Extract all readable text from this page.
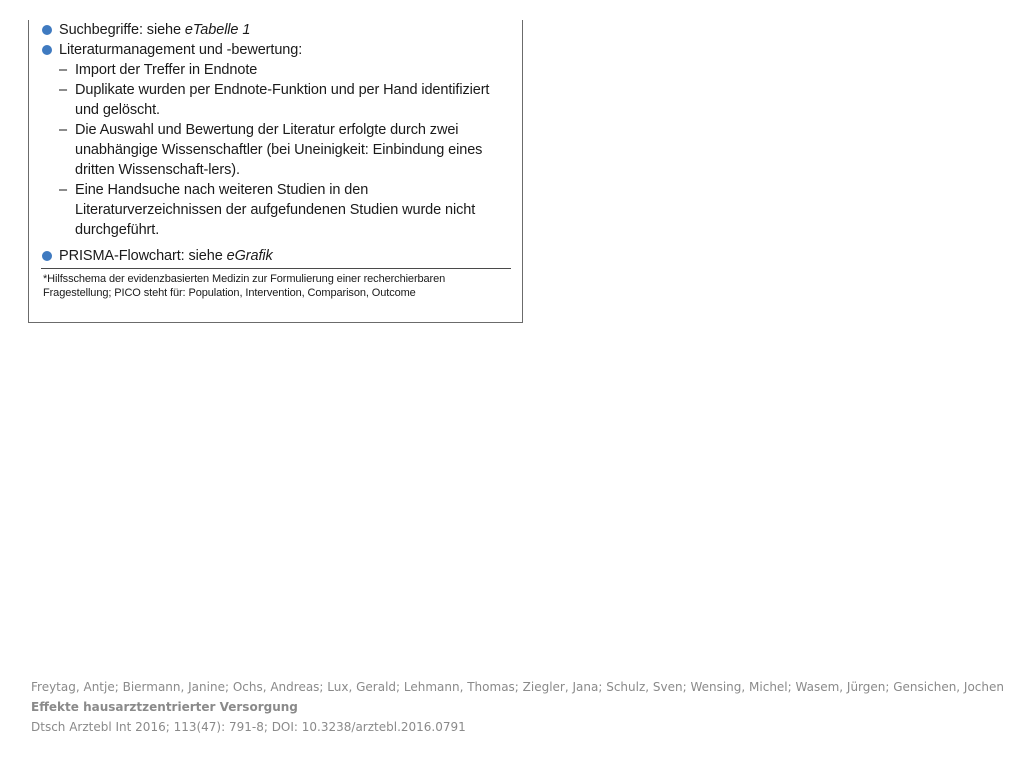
Suchbegriffe: siehe eTabelle 1
Literaturmanagement und -bewertung:
– Import der Treffer in Endnote
– Duplikate wurden per Endnote-Funktion und per Hand identifiziert und gelöscht.
– Die Auswahl und Bewertung der Literatur erfolgte durch zwei unabhängige Wissenschaftler (bei Uneinigkeit: Einbindung eines dritten Wissenschaft-lers).
– Eine Handsuche nach weiteren Studien in den Literaturverzeichnissen der aufgefundenen Studien wurde nicht durchgeführt.
PRISMA-Flowchart: siehe eGrafik
*Hilfsschema der evidenzbasierten Medizin zur Formulierung einer recherchierbaren Fragestellung; PICO steht für: Population, Intervention, Comparison, Outcome
Freytag, Antje; Biermann, Janine; Ochs, Andreas; Lux, Gerald; Lehmann, Thomas; Ziegler, Jana; Schulz, Sven; Wensing, Michel; Wasem, Jürgen; Gensichen, Jochen
Effekte hausarztzentrierter Versorgung
Dtsch Arztebl Int 2016; 113(47): 791-8; DOI: 10.3238/arztebl.2016.0791
